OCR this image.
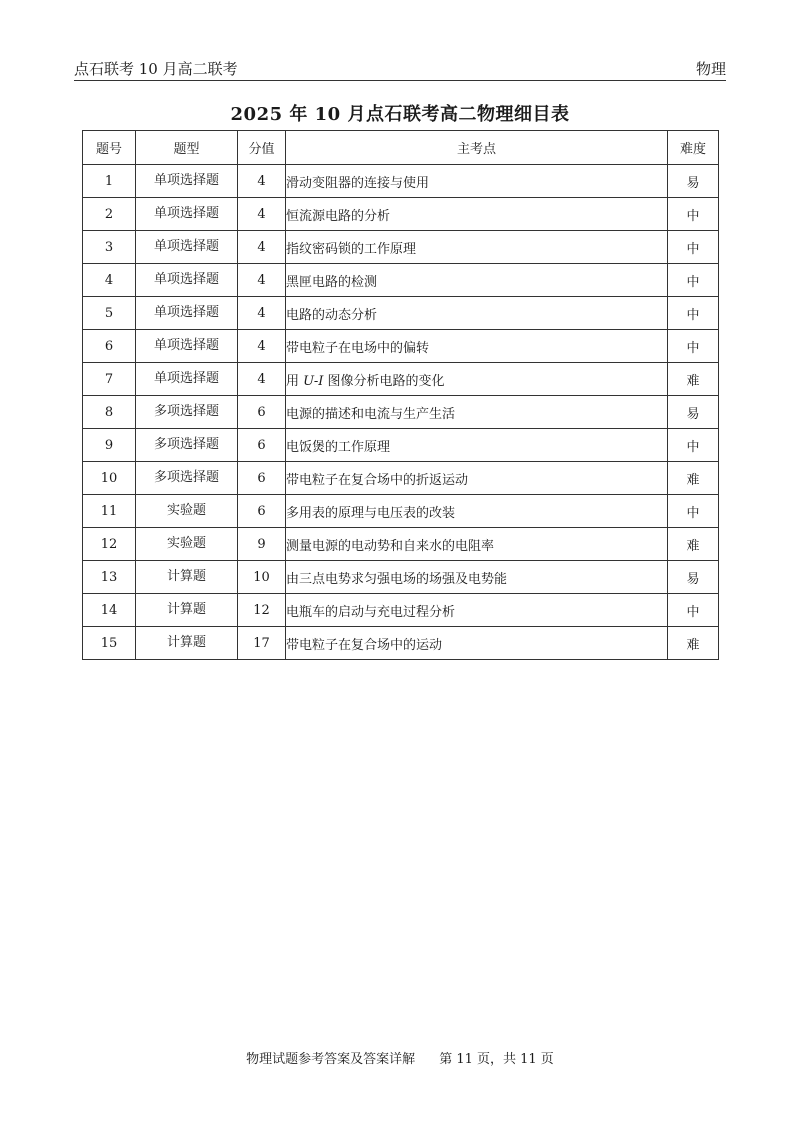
点石联考 10 月高二联考	物理
2025 年 10 月点石联考高二物理细目表
题号	题型	分值	主考点	难度
1	单项选择题	4	滑动变阻器的连接与使用	易
2	单项选择题	4	恒流源电路的分析	中
3	单项选择题	4	指纹密码锁的工作原理	中
4	单项选择题	4	黑匣电路的检测	中
5	单项选择题	4	电路的动态分析	中
6	单项选择题	4	带电粒子在电场中的偏转	中
7	单项选择题	4	用 U-I 图像分析电路的变化	难
8	多项选择题	6	电源的描述和电流与生产生活	易
9	多项选择题	6	电饭煲的工作原理	中
10	多项选择题	6	带电粒子在复合场中的折返运动	难
11	实验题	6	多用表的原理与电压表的改装	中
12	实验题	9	测量电源的电动势和自来水的电阻率	难
13	计算题	10	由三点电势求匀强电场的场强及电势能	易
14	计算题	12	电瓶车的启动与充电过程分析	中
15	计算题	17	带电粒子在复合场中的运动	难
物理试题参考答案及答案详解 第 11 页，共 11 页
